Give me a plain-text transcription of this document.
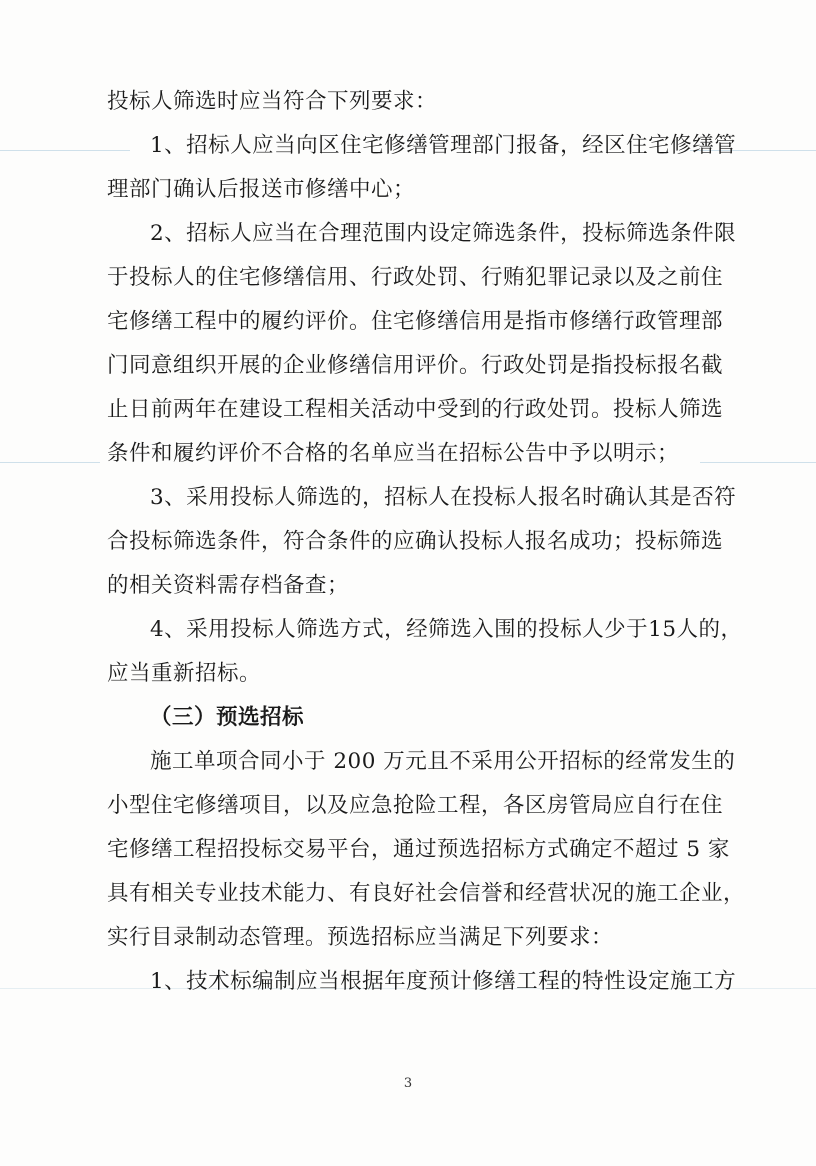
投标人筛选时应当符合下列要求：
1、招标人应当向区住宅修缮管理部门报备，经区住宅修缮管
理部门确认后报送市修缮中心；
2、招标人应当在合理范围内设定筛选条件，投标筛选条件限
于投标人的住宅修缮信用、行政处罚、行贿犯罪记录以及之前住
宅修缮工程中的履约评价。住宅修缮信用是指市修缮行政管理部
门同意组织开展的企业修缮信用评价。行政处罚是指投标报名截
止日前两年在建设工程相关活动中受到的行政处罚。投标人筛选
条件和履约评价不合格的名单应当在招标公告中予以明示；
3、采用投标人筛选的，招标人在投标人报名时确认其是否符
合投标筛选条件，符合条件的应确认投标人报名成功；投标筛选
的相关资料需存档备查；
4、采用投标人筛选方式，经筛选入围的投标人少于15人的，
应当重新招标。
（三）预选招标
施工单项合同小于 200 万元且不采用公开招标的经常发生的
小型住宅修缮项目，以及应急抢险工程，各区房管局应自行在住
宅修缮工程招投标交易平台，通过预选招标方式确定不超过 5 家
具有相关专业技术能力、有良好社会信誉和经营状况的施工企业，
实行目录制动态管理。预选招标应当满足下列要求：
1、技术标编制应当根据年度预计修缮工程的特性设定施工方
3
